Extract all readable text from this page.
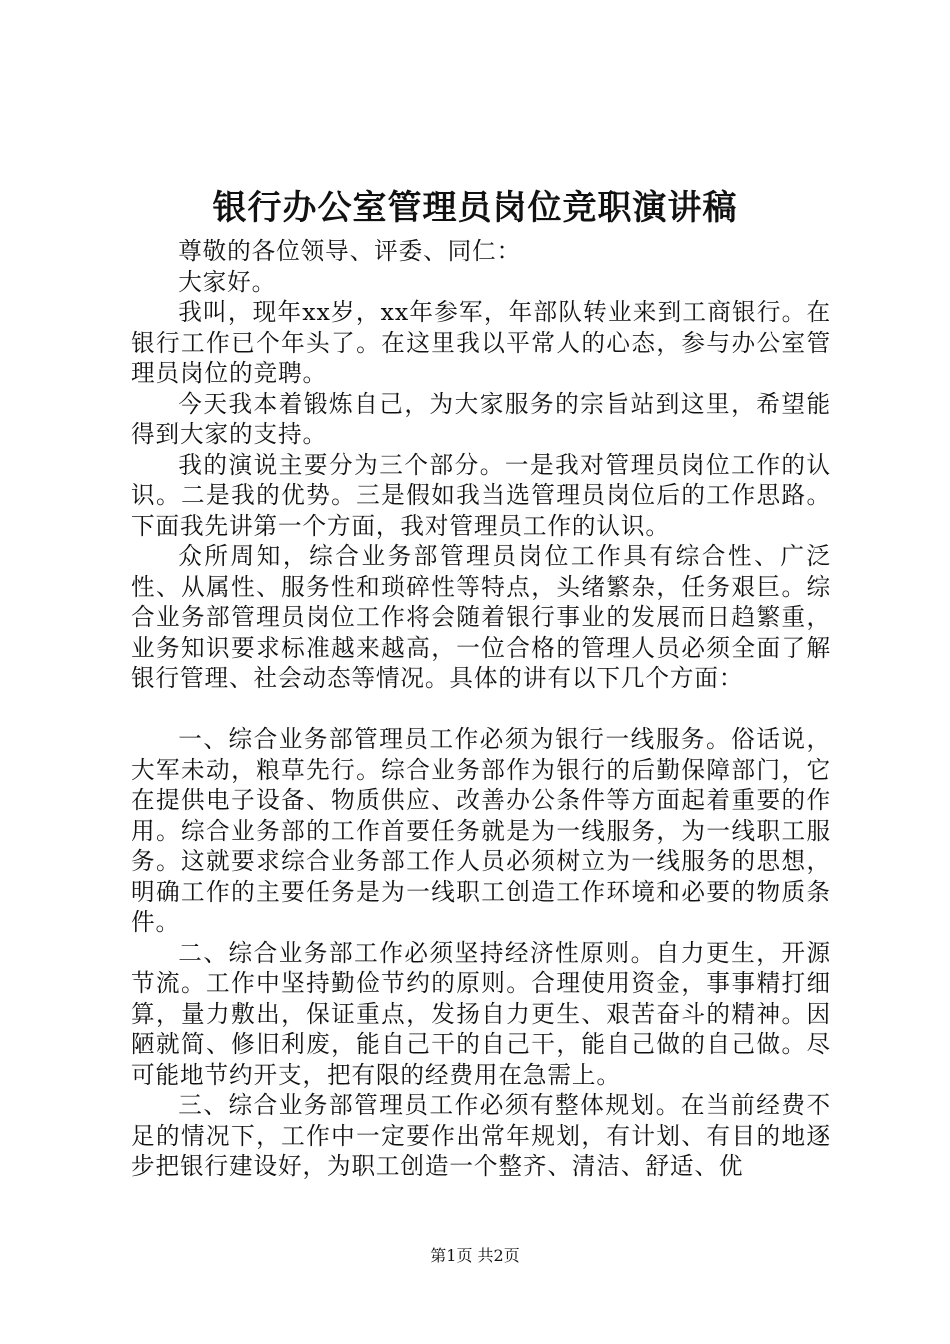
银行办公室管理员岗位竞职演讲稿

尊敬的各位领导、评委、同仁：

大家好。

我叫，现年xx岁，xx年参军，年部队转业来到工商银行。在银行工作已个年头了。在这里我以平常人的心态，参与办公室管理员岗位的竞聘。

今天我本着锻炼自己，为大家服务的宗旨站到这里，希望能得到大家的支持。

我的演说主要分为三个部分。一是我对管理员岗位工作的认识。二是我的优势。三是假如我当选管理员岗位后的工作思路。下面我先讲第一个方面，我对管理员工作的认识。

众所周知，综合业务部管理员岗位工作具有综合性、广泛性、从属性、服务性和琐碎性等特点，头绪繁杂，任务艰巨。综合业务部管理员岗位工作将会随着银行事业的发展而日趋繁重，业务知识要求标准越来越高，一位合格的管理人员必须全面了解银行管理、社会动态等情况。具体的讲有以下几个方面：

一、综合业务部管理员工作必须为银行一线服务。俗话说，大军未动，粮草先行。综合业务部作为银行的后勤保障部门，它在提供电子设备、物质供应、改善办公条件等方面起着重要的作用。综合业务部的工作首要任务就是为一线服务，为一线职工服务。这就要求综合业务部工作人员必须树立为一线服务的思想，明确工作的主要任务是为一线职工创造工作环境和必要的物质条件。

二、综合业务部工作必须坚持经济性原则。自力更生，开源节流。工作中坚持勤俭节约的原则。合理使用资金，事事精打细算，量力敷出，保证重点，发扬自力更生、艰苦奋斗的精神。因陋就简、修旧利废，能自己干的自己干，能自己做的自己做。尽可能地节约开支，把有限的经费用在急需上。

三、综合业务部管理员工作必须有整体规划。在当前经费不足的情况下，工作中一定要作出常年规划，有计划、有目的地逐步把银行建设好，为职工创造一个整齐、清洁、舒适、优

第1页 共2页
